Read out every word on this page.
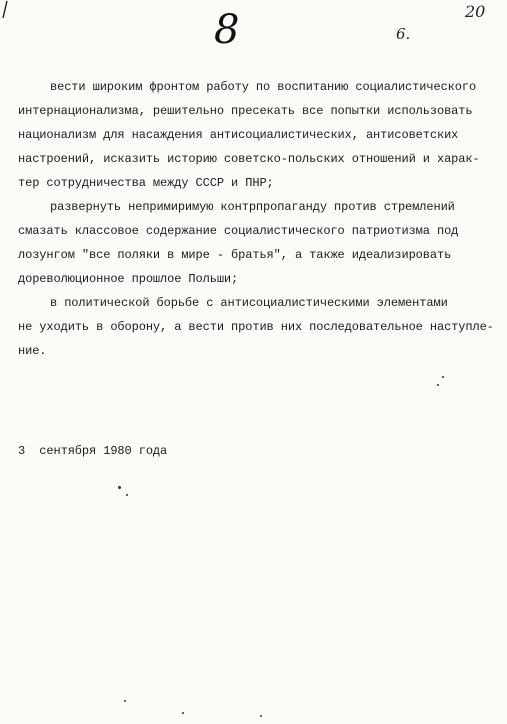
8	6.
20
вести широким фронтом работу по воспитанию социалистического
интернационализма, решительно пресекать все попытки использовать
национализм для насаждения антисоциалистических, антисоветских
настроений, исказить историю советско-польских отношений и харак-
тер сотрудничества между СССР и ПНР;
развернуть непримиримую контрпропаганду против стремлений
смазать классовое содержание социалистического патриотизма под
лозунгом "все поляки в мире - братья", а также идеализировать
дореволюционное прошлое Польши;
в политической борьбе с антисоциалистическими элементами
не уходить в оборону, а вести против них последовательное наступле-
ние.
3  сентября 1980 года
